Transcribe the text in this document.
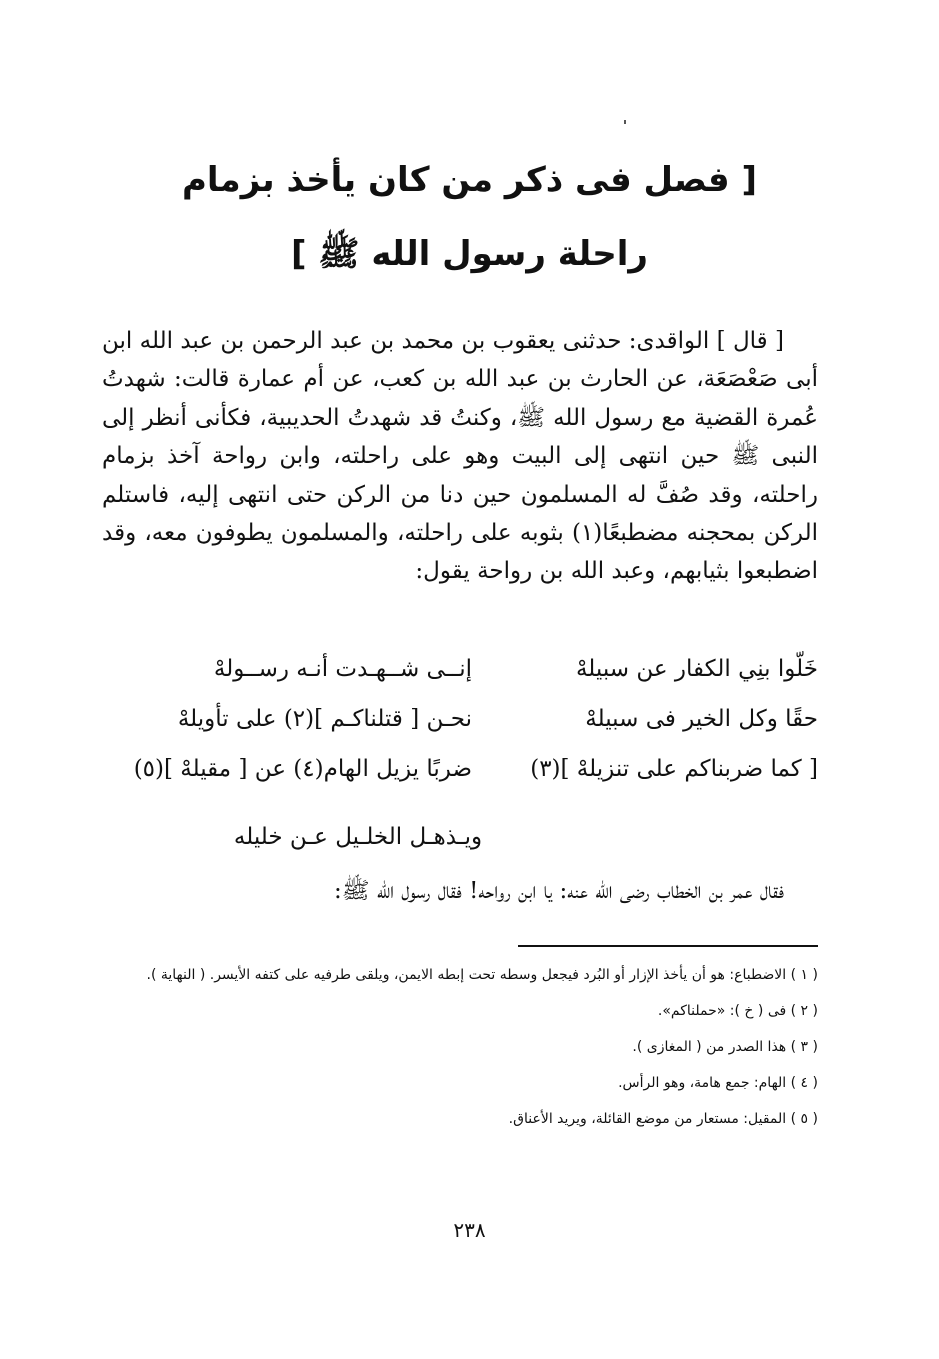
[ فصل فى ذكر من كان يأخذ بزمام
راحلة رسول الله ﷺ ]

[ قال ] الواقدى: حدثنى يعقوب بن محمد بن عبد الرحمن بن عبد الله ابن أبى صَعْصَعَة، عن الحارث بن عبد الله بن كعب، عن أم عمارة قالت: شهدتُ عُمرة القضية مع رسول الله ﷺ، وكنتُ قد شهدتُ الحديبية، فكأنى أنظر إلى النبى ﷺ حين انتهى إلى البيت وهو على راحلته، وابن رواحة آخذ بزمام راحلته، وقد صُفَّ له المسلمون حين دنا من الركن حتى انتهى إليه، فاستلم الركن بمحجنه مضطبعًا(١) بثوبه على راحلته، والمسلمون يطوفون معه، وقد اضطبعوا بثيابهم، وعبد الله بن رواحة يقول:

خَلّوا بنِي الكفار عن سبيلهْ
إنــى شــهـدت أنـه رســولهْ
حقًا وكل الخير فى سبيلهْ
نحـن [ قتلناكـم ](٢) على تأويلهْ
[ كما ضربناكم على تنزيلهْ ](٣)
ضربًا يزيل الهام(٤) عن [ مقيلهْ ](٥)
ويـذهـل الخلـيل عـن خليله

فقال عمر بن الخطاب رضى الله عنه: يا ابن رواحه! فقال رسول الله ﷺ:

( ١ ) الاضطباع: هو أن يأخذ الإزار أو البُرد فيجعل وسطه تحت إبطه الايمن، ويلقى طرفيه على كتفه الأيسر. ( النهاية ).

( ٢ ) فى ( خ ): «حملناكم».

( ٣ ) هذا الصدر من ( المغازى ).

( ٤ ) الهام: جمع هامة، وهو الرأس.

( ٥ ) المقيل: مستعار من موضع القائلة، ويريد الأعناق.

٢٣٨
